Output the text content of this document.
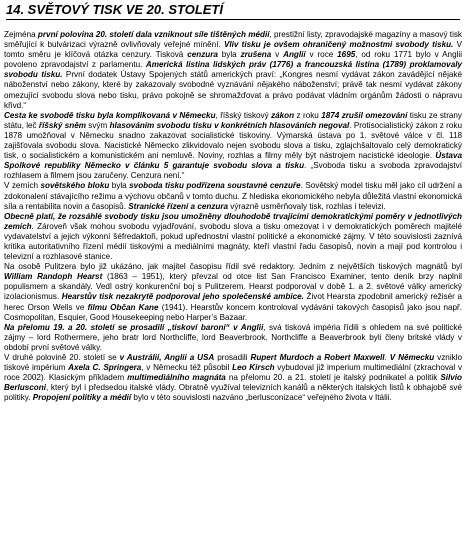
14. SVĚTOVÝ TISK VE 20. STOLETÍ

Zejména první polovina 20. století dala vzniknout síle tištěných médií, prestižní listy, zpravodajské magazíny a masový tisk směřující k bulvárizaci výrazně ovlivňovaly veřejné mínění. Vliv tisku je ovšem ohraničený možnostmi svobody tisku. V tomto směru je klíčová otázka cenzury. Tisková cenzura byla zrušena v Anglii v roce 1695, od roku 1771 bylo v Anglii povoleno zpravodajství z parlamentu. Americká listina lidských práv (1776) a francouzská listina (1789) proklamovaly svobodu tisku. První dodatek Ústavy Spojených států amerických praví: „Kongres nesmí vydávat zákon zavádějící nějaké náboženství nebo zákony, které by zakazovaly svobodné vyznávání nějakého náboženství; právě tak nesmí vydávat zákony omezující svobodu slova nebo tisku, právo pokojně se shromažďovat a právo podávat vládním orgánům žádosti o nápravu křivd.“

Cesta ke svobodě tisku byla komplikovaná v Německu, říšský tiskový zákon z roku 1874 zrušil omezování tisku ze strany státu, leč říšský sněm svým hlasováním svobodu tisku v konkrétních hlasováních negoval. Protisocialistický zákon z roku 1878 umožňoval v Německu snadno zakazovat socialistické tiskoviny. Výmarská ústava po 1. světové válce v čl. 118 zajišťovala svobodu slova. Nacistické Německo zlikvidovalo nejen svobodu slova a tisku, zglajchšaltovalo celý demokratický tisk, o socialistickém a komunistickém ani nemluvě. Noviny, rozhlas a filmy měly být nástrojem nacistické ideologie. Ústava Spolkové republiky Německo v článku 5 garantuje svobodu slova a tisku. „Svoboda tisku a svoboda zpravodajství rozhlasem a filmem jsou zaručeny. Cenzura není.“

V zemích sovětského bloku byla svoboda tisku podřízena soustavné cenzuře. Sovětský model tisku měl jako cíl udržení a zdokonalení stávajícího režimu a výchovu občanů v tomto duchu. Z hlediska ekonomického nebyla důležitá vlastní ekonomická síla a rentabilita novin a časopisů. Stranické řízení a cenzura výrazně usměrňovaly tisk, rozhlas i televizi.

Obecně platí, že rozsáhlé svobody tisku jsou umožněny dlouhodobě trvajícími demokratickými poměry v jednotlivých zemích. Zároveň však mohou svobodu vyjadřování, svobodu slova a tisku omezovat i v demokratických poměrech majitelé vydavatelství a jejich výkonní šéfredaktoři, pokud upřednostní vlastní politické a ekonomické zájmy. V této souvislosti zaznívá kritika autoritativního řízení médií tiskovými a mediálními magnáty, kteří vlastní řadu časopisů, novin a mají pod kontrolou i televizní a rozhlasové stanice.

Na osobě Pulitzera bylo již ukázáno, jak majitel časopisu řídil své redaktory. Jedním z největších tiskových magnátů byl William Randoph Hearst (1863 – 1951), který převzal od otce list San Francisco Examiner, tento deník brzy naplnil populismem a skandály. Vedl ostrý konkurenční boj s Pulitzerem. Hearst podporoval v době 1. a 2. světové války americký izolacionismus. Hearstův tisk nezakrytě podporoval jeho společenské ambice. Život Hearsta zpodobnil americký režisér a herec Orson Wells ve filmu Občan Kane (1941). Hearstův koncern kontroloval vydávání takových časopisů jako jsou např. Cosmopolitan, Esquier, Good Housekeeping nebo Harper’s Bazaar.

Na přelomu 19. a 20. století se prosadili „tiskoví baroni“ v Anglii, svá tisková impéria řídili s ohledem na své politické zájmy – lord Rothermere, jeho bratr lord Northcliffe, lord Beaverbrook. Northcliffe a Beaverbrook byli členy britské vlády v období první světové války.

V druhé polovině 20. století se v Austrálii, Anglii a USA prosadili Rupert Murdoch a Robert Maxwell. V Německu vzniklo tiskové impérium Axela C. Springera, v Německu též působil Leo Kirsch vybudoval již imperium multimediální (zkrachoval v roce 2002). Klasickým příkladem multimediálního magnáta na přelomu 20. a 21. století je italský podnikatel a politik Silvio Berlusconi, který byl i předsedou italské vlády. Obratně využíval televizních kanálů a některých italských listů k obhajobě své politiky. Propojení politiky a médií bylo v této souvislosti nazváno „berlusconizace“ veřejného života v Itálii.
